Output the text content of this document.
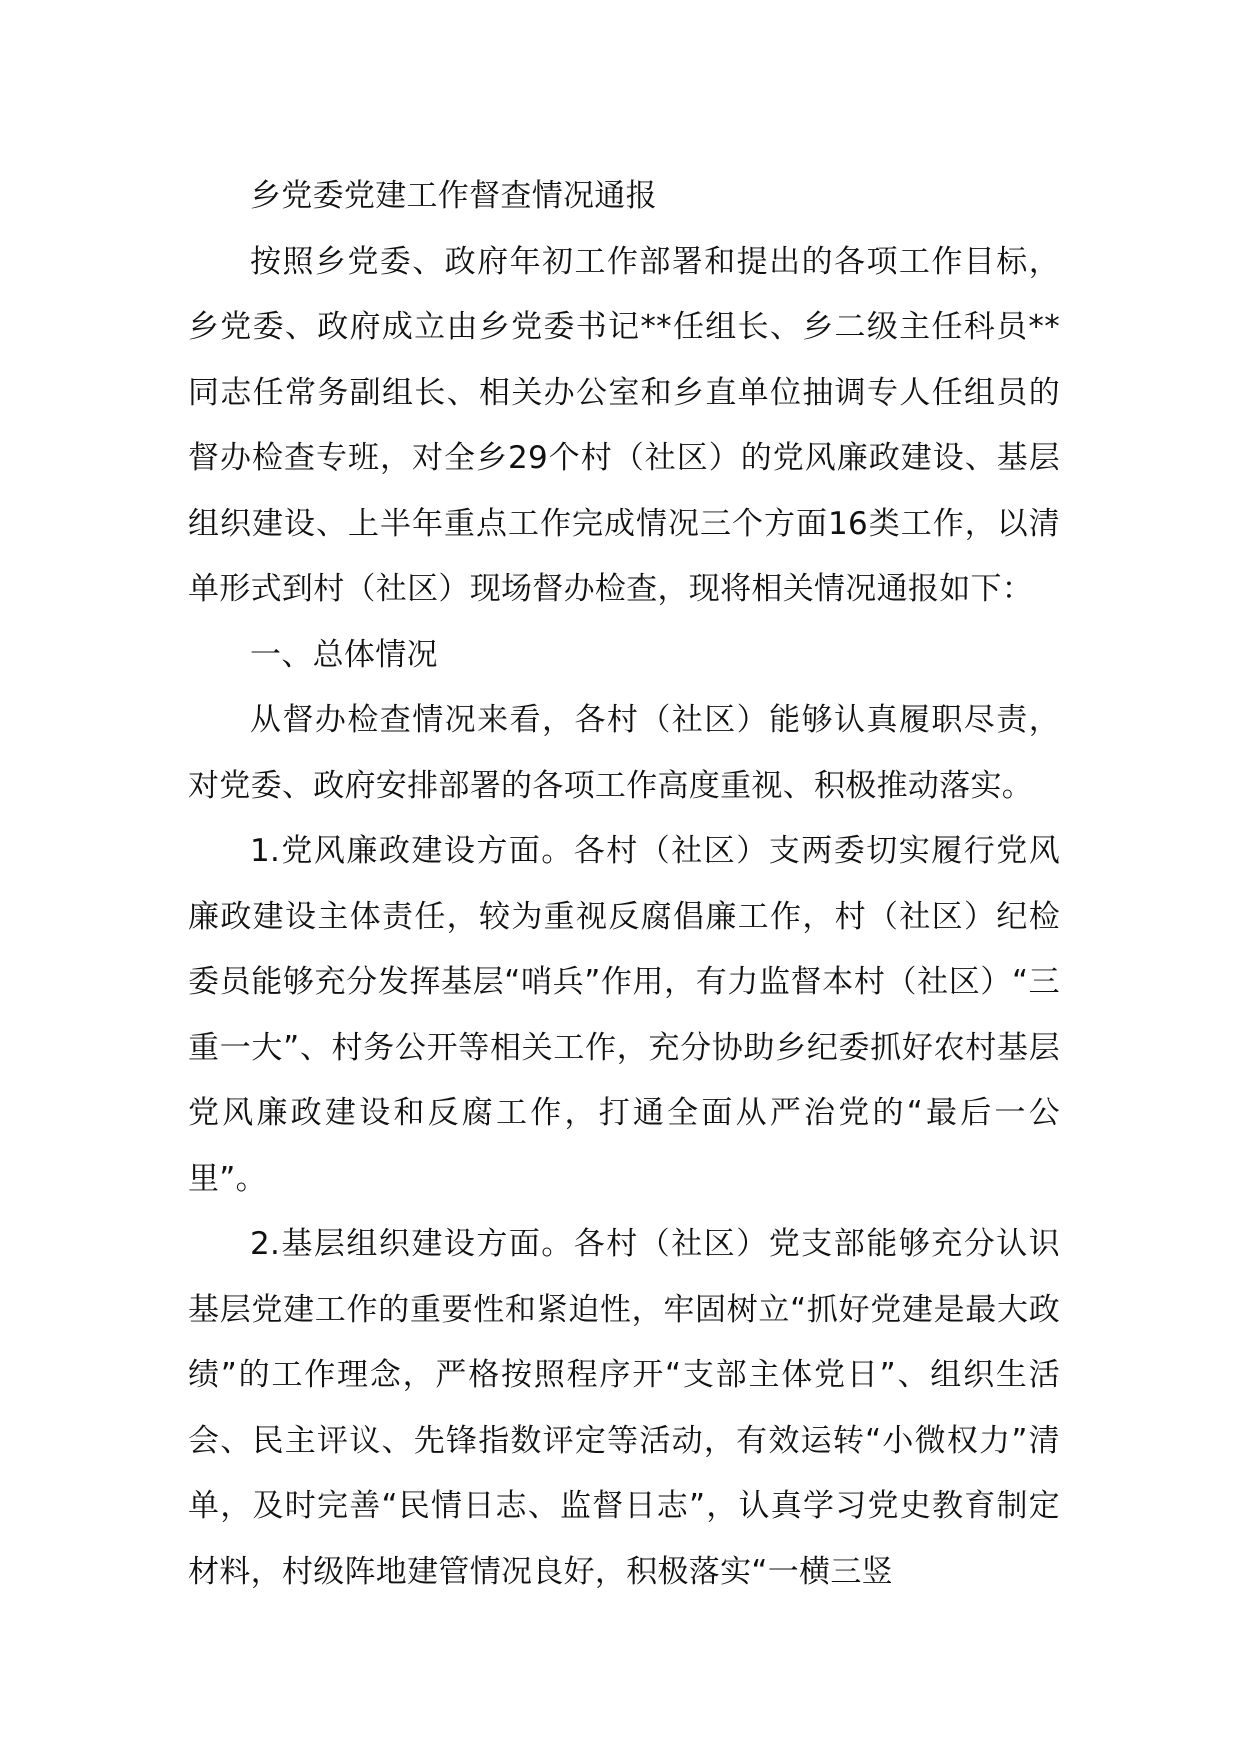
乡党委党建工作督查情况通报

按照乡党委、政府年初工作部署和提出的各项工作目标，乡党委、政府成立由乡党委书记**任组长、乡二级主任科员**同志任常务副组长、相关办公室和乡直单位抽调专人任组员的督办检查专班，对全乡29个村（社区）的党风廉政建设、基层组织建设、上半年重点工作完成情况三个方面16类工作，以清单形式到村（社区）现场督办检查，现将相关情况通报如下：

一、总体情况

从督办检查情况来看，各村（社区）能够认真履职尽责，对党委、政府安排部署的各项工作高度重视、积极推动落实。

1.党风廉政建设方面。各村（社区）支两委切实履行党风廉政建设主体责任，较为重视反腐倡廉工作，村（社区）纪检委员能够充分发挥基层“哨兵”作用，有力监督本村（社区）“三重一大”、村务公开等相关工作，充分协助乡纪委抓好农村基层党风廉政建设和反腐工作，打通全面从严治党的“最后一公里”。

2.基层组织建设方面。各村（社区）党支部能够充分认识基层党建工作的重要性和紧迫性，牢固树立“抓好党建是最大政绩”的工作理念，严格按照程序开“支部主体党日”、组织生活会、民主评议、先锋指数评定等活动，有效运转“小微权力”清单，及时完善“民情日志、监督日志”，认真学习党史教育制定材料，村级阵地建管情况良好，积极落实“一横三竖
